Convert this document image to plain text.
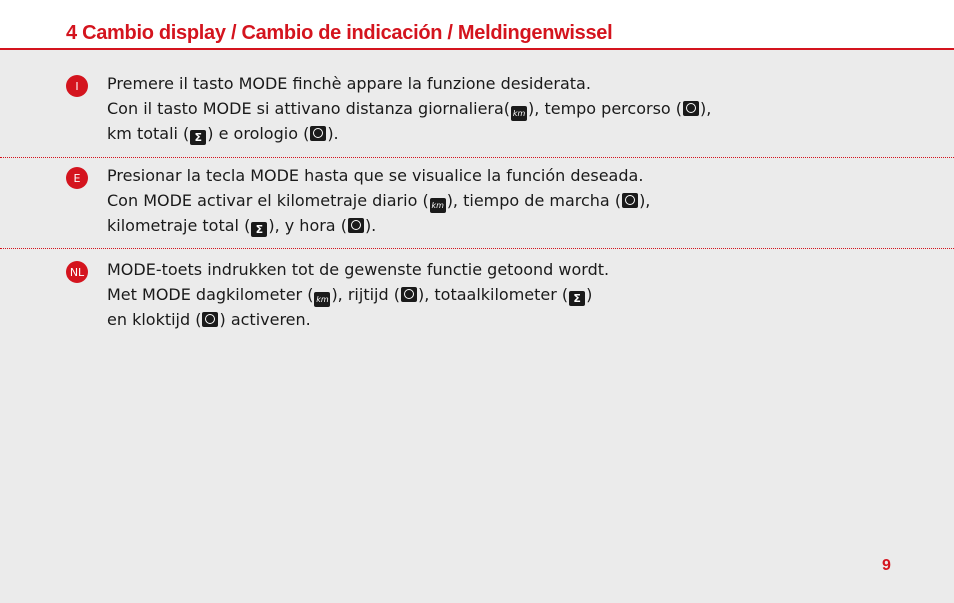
4 Cambio display / Cambio de indicación / Meldingenwissel
I	Premere il tasto MODE finchè appare la funzione desiderata.
Con il tasto MODE si attivano distanza giornaliera( km ), tempo percorso ( ),
km totali ( Σ ) e orologio ( ).
E	Presionar la tecla MODE hasta que se visualice la función deseada.
Con MODE activar el kilometraje diario ( km ), tiempo de marcha ( ),
kilometraje total ( Σ ), y hora ( ).
NL MODE-toets indrukken tot de gewenste functie getoond wordt.
Met MODE dagkilometer ( km ), rijtijd ( ), totaalkilometer ( Σ )
en kloktijd ( ) activeren.
9
